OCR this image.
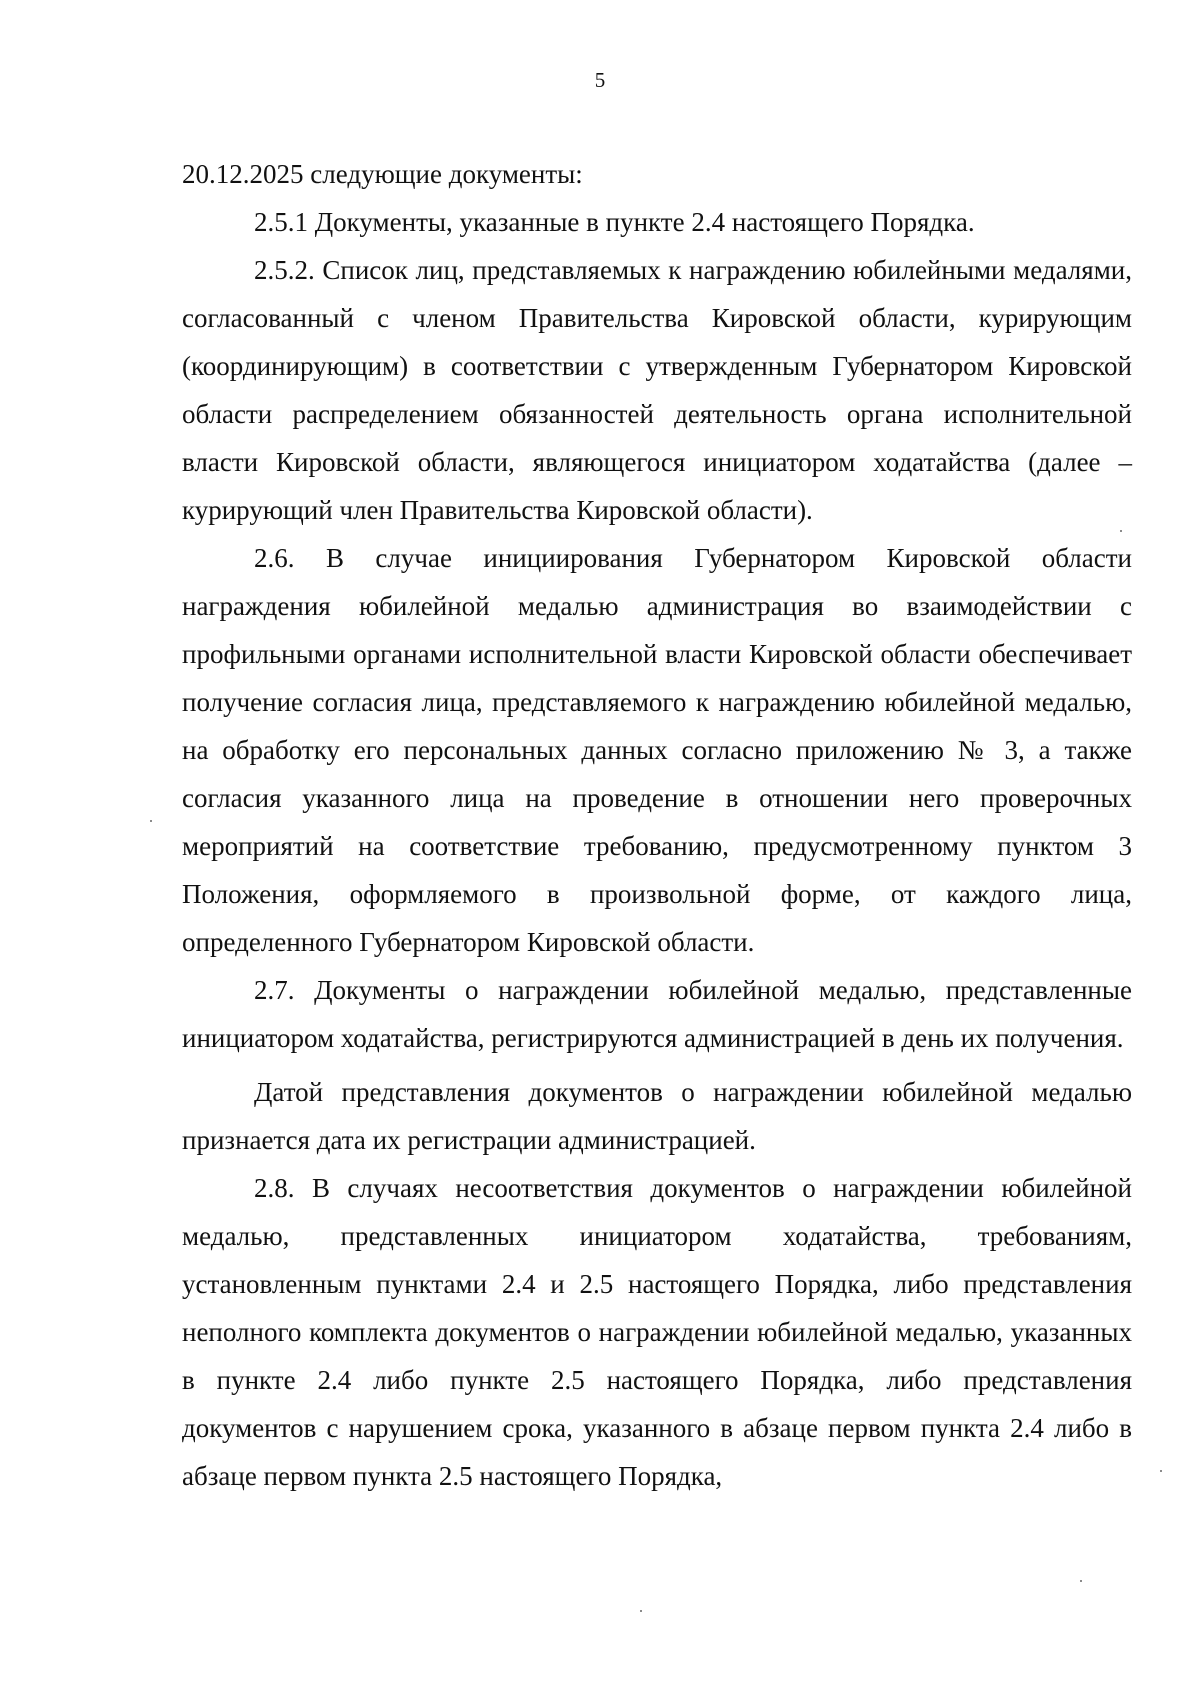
5

20.12.2025 следующие документы:

2.5.1 Документы, указанные в пункте 2.4 настоящего Порядка.

2.5.2. Список лиц, представляемых к награждению юбилейными медалями, согласованный с членом Правительства Кировской области, курирующим (координирующим) в соответствии с утвержденным Губернатором Кировской области распределением обязанностей деятельность органа исполнительной власти Кировской области, являющегося инициатором ходатайства (далее – курирующий член Правительства Кировской области).

2.6. В случае инициирования Губернатором Кировской области награждения юбилейной медалью администрация во взаимодействии с профильными органами исполнительной власти Кировской области обеспечивает получение согласия лица, представляемого к награждению юбилейной медалью, на обработку его персональных данных согласно приложению № 3, а также согласия указанного лица на проведение в отношении него проверочных мероприятий на соответствие требованию, предусмотренному пунктом 3 Положения, оформляемого в произвольной форме, от каждого лица, определенного Губернатором Кировской области.

2.7. Документы о награждении юбилейной медалью, представленные инициатором ходатайства, регистрируются администрацией в день их получения.

Датой представления документов о награждении юбилейной медалью признается дата их регистрации администрацией.

2.8. В случаях несоответствия документов о награждении юбилейной медалью, представленных инициатором ходатайства, требованиям, установленным пунктами 2.4 и 2.5 настоящего Порядка, либо представления неполного комплекта документов о награждении юбилейной медалью, указанных в пункте 2.4 либо пункте 2.5 настоящего Порядка, либо представления документов с нарушением срока, указанного в абзаце первом пункта 2.4 либо в абзаце первом пункта 2.5 настоящего Порядка,
